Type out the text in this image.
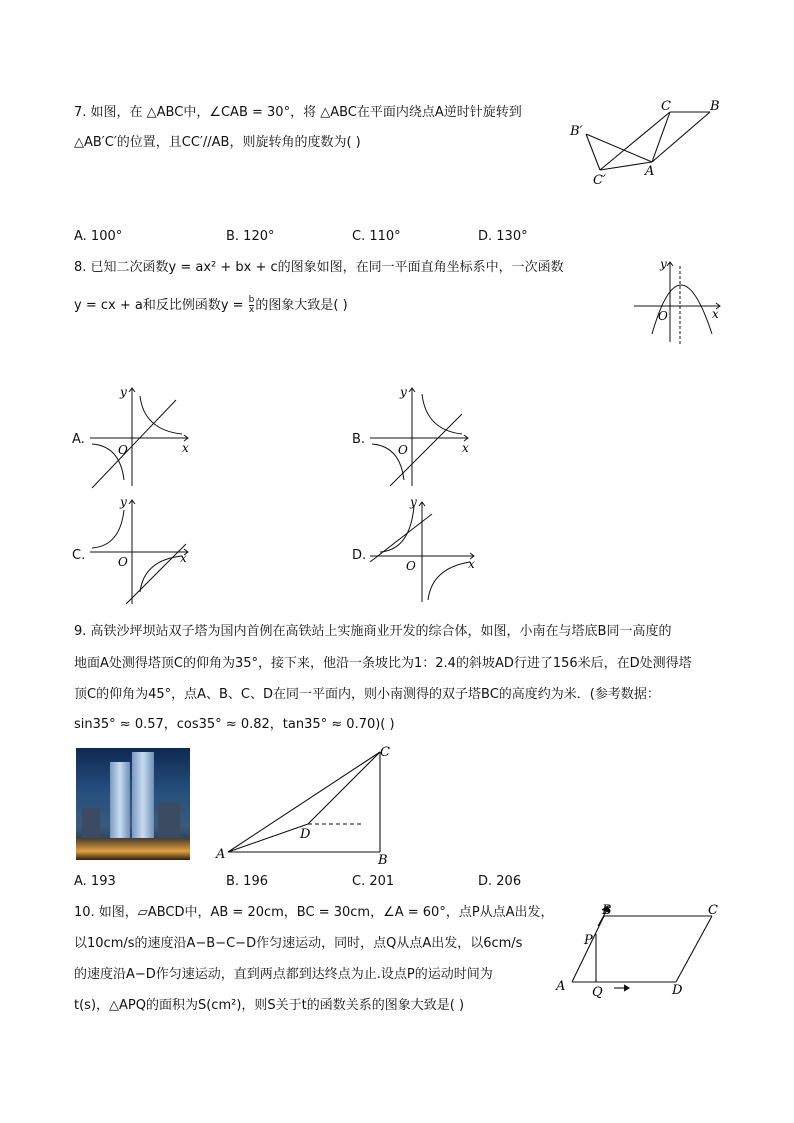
7. 如图，在 △ABC中，∠CAB = 30°，将 △ABC在平面内绕点A逆时针旋转到
△AB′C′的位置，且CC′//AB，则旋转角的度数为( )
C	B
B′
C′
A
A. 100°	B. 120°	C. 110°	D. 130°
8. 已知二次函数y = ax² + bx + c的图象如图，在同一平面直角坐标系中，一次函数
y = cx + a和反比例函数$y = \frac{b}{x}$ 的图象大致是( )
y
x
O
A.
y
x
O
B.
y
x
O
C.
y
x
O	D.
y
x
O
9. 高铁沙坪坝站双子塔为国内首例在高铁站上实施商业开发的综合体，如图，小南在与塔底B同一高度的
地面A处测得塔顶C的仰角为35°，接下来，他沿一条坡比为1：2.4的斜坡AD行进了156米后，在D处测得塔
顶C的仰角为45°，点A、B、C、D在同一平面内，则小南测得的双子塔BC的高度约为米．(参考数据：
sin35° ≈ 0.57，cos35° ≈ 0.82，tan35° ≈ 0.70)( )
A	B
C
D
A. 193	B. 196	C. 201	D. 206
10. 如图，▱ABCD中，AB = 20cm，BC = 30cm，∠A = 60°，点P从点A出发，
以10cm/s的速度沿A−B−C−D作匀速运动，同时，点Q从点A出发，以6cm/s
的速度沿A−D作匀速运动，直到两点都到达终点为止.设点P的运动时间为
t(s)，△APQ的面积为S(cm²)，则S关于t的函数关系的图象大致是( )
A
B	C
D
P
Q
